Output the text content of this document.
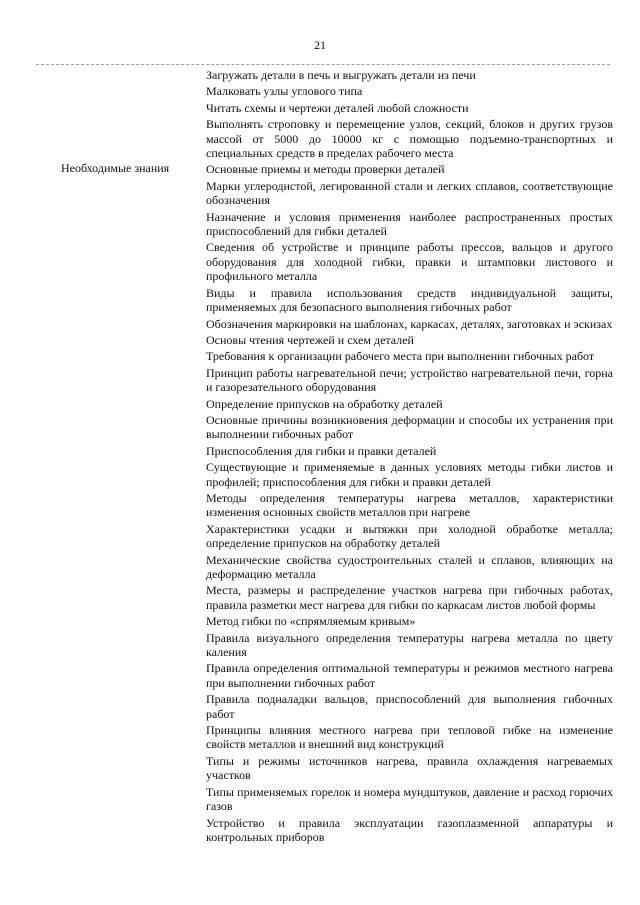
21
Необходимые знания
Загружать детали в печь и выгружать детали из печи
Малковать узлы углового типа
Читать схемы и чертежи деталей любой сложности
Выполнять строповку и перемещение узлов, секций, блоков и других грузов массой от 5000 до 10000 кг с помощью подъемно-транспортных и специальных средств в пределах рабочего места
Основные приемы и методы проверки деталей
Марки углеродистой, легированной стали и легких сплавов, соответствующие обозначения
Назначение и условия применения наиболее распространенных простых приспособлений для гибки деталей
Сведения об устройстве и принципе работы прессов, вальцов и другого оборудования для холодной гибки, правки и штамповки листового и профильного металла
Виды и правила использования средств индивидуальной защиты, применяемых для безопасного выполнения гибочных работ
Обозначения маркировки на шаблонах, каркасах, деталях, заготовках и эскизах
Основы чтения чертежей и схем деталей
Требования к организации рабочего места при выполнении гибочных работ
Принцип работы нагревательной печи; устройство нагревательной печи, горна и газорезательного оборудования
Определение припусков на обработку деталей
Основные причины возникновения деформации и способы их устранения при выполнении гибочных работ
Приспособления для гибки и правки деталей
Существующие и применяемые в данных условиях методы гибки листов и профилей; приспособления для гибки и правки деталей
Методы определения температуры нагрева металлов, характеристики изменения основных свойств металлов при нагреве
Характеристики усадки и вытяжки при холодной обработке металла; определение припусков на обработку деталей
Механические свойства судостроительных сталей и сплавов, влияющих на деформацию металла
Места, размеры и распределение участков нагрева при гибочных работах, правила разметки мест нагрева для гибки по каркасам листов любой формы
Метод гибки по «спрямляемым кривым»
Правила визуального определения температуры нагрева металла по цвету каления
Правила определения оптимальной температуры и режимов местного нагрева при выполнении гибочных работ
Правила подналадки вальцов, приспособлений для выполнения гибочных работ
Принципы влияния местного нагрева при тепловой гибке на изменение свойств металлов и внешний вид конструкций
Типы и режимы источников нагрева, правила охлаждения нагреваемых участков
Типы применяемых горелок и номера мундштуков, давление и расход горючих газов
Устройство и правила эксплуатации газоплазменной аппаратуры и контрольных приборов
